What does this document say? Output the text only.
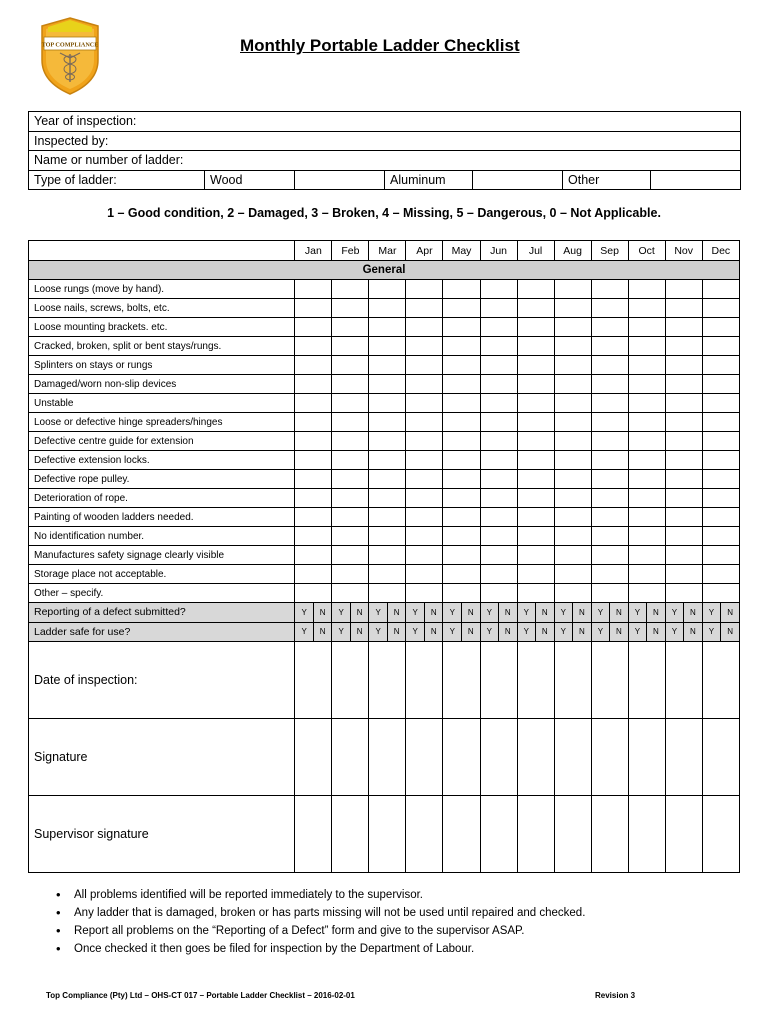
TOP COMPLIANCE	Monthly Portable Ladder Checklist
Year of inspection:
Inspected by:
Name or number of ladder:
Type of ladder:	Wood		Aluminum		Other	
1 – Good condition, 2 – Damaged, 3 – Broken, 4 – Missing, 5 – Dangerous, 0 – Not Applicable.
	Jan		Feb		Mar		Apr		May		Jun		Jul		Aug		Sep		Oct		Nov		Dec	
General																								
Loose rungs (move by hand).																								
Loose nails, screws, bolts, etc.																								
Loose mounting brackets. etc.																								
Cracked, broken, split or bent stays/rungs.																								
Splinters on stays or rungs																								
Damaged/worn non-slip devices																								
Unstable																								
Loose or defective hinge spreaders/hinges																								
Defective centre guide for extension																								
Defective extension locks.																								
Defective rope pulley.																								
Deterioration of rope.																								
Painting of wooden ladders needed.																								
No identification number.																								
Manufactures safety signage clearly visible																								
Storage place not acceptable.																								
Other – specify.																								
Reporting of a defect submitted?	Y	N	Y	N	Y	N	Y	N	Y	N	Y	N	Y	N	Y	N	Y	N	Y	N	Y	N	Y	N
Ladder safe for use?	Y	N	Y	N	Y	N	Y	N	Y	N	Y	N	Y	N	Y	N	Y	N	Y	N	Y	N	Y	N
Date of inspection:																								
Signature																								
Supervisor signature																								
• All problems identified will be reported immediately to the supervisor.
• Any ladder that is damaged, broken or has parts missing will not be used until repaired and checked.
• Report all problems on the “Reporting of a Defect” form and give to the supervisor ASAP.
• Once checked it then goes be filed for inspection by the Department of Labour.
Top Compliance (Pty) Ltd – OHS-CT 017 – Portable Ladder Checklist – 2016-02-01	Revision 3
